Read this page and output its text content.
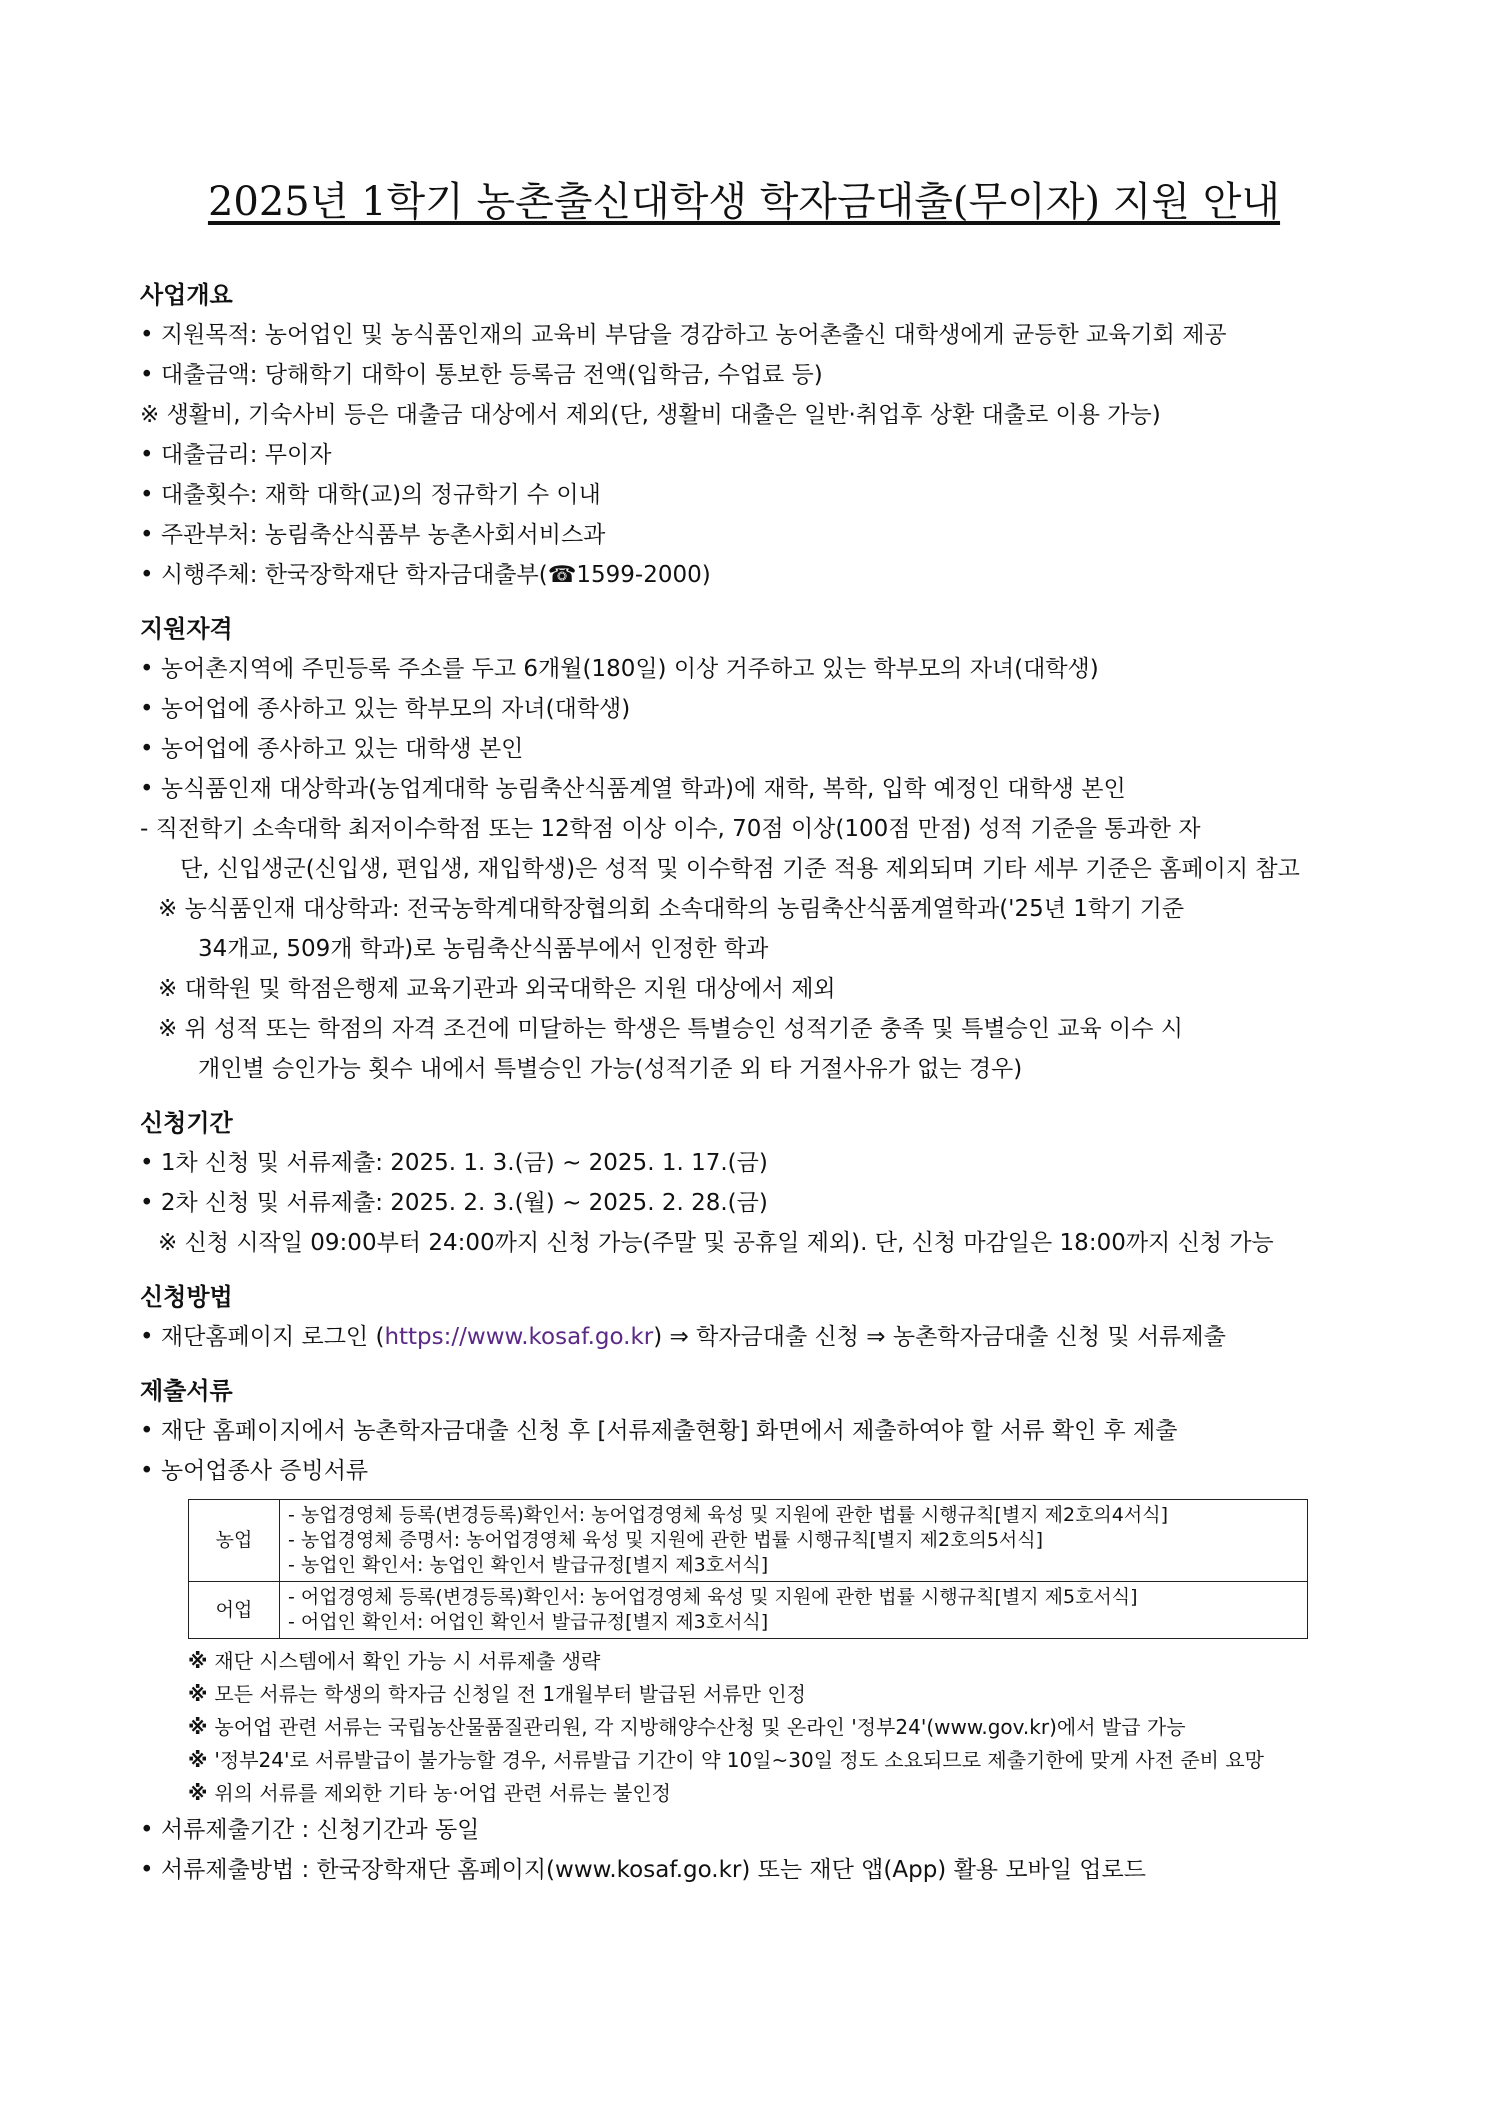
2025년 1학기 농촌출신대학생 학자금대출(무이자) 지원 안내
사업개요
• 지원목적: 농어업인 및 농식품인재의 교육비 부담을 경감하고 농어촌출신 대학생에게 균등한 교육기회 제공
• 대출금액: 당해학기 대학이 통보한 등록금 전액(입학금, 수업료 등)
※ 생활비, 기숙사비 등은 대출금 대상에서 제외(단, 생활비 대출은 일반·취업후 상환 대출로 이용 가능)
• 대출금리: 무이자
• 대출횟수: 재학 대학(교)의 정규학기 수 이내
• 주관부처: 농림축산식품부 농촌사회서비스과
• 시행주체: 한국장학재단 학자금대출부(☎1599-2000)
지원자격
• 농어촌지역에 주민등록 주소를 두고 6개월(180일) 이상 거주하고 있는 학부모의 자녀(대학생)
• 농어업에 종사하고 있는 학부모의 자녀(대학생)
• 농어업에 종사하고 있는 대학생 본인
• 농식품인재 대상학과(농업계대학 농림축산식품계열 학과)에 재학, 복학, 입학 예정인 대학생 본인
- 직전학기 소속대학 최저이수학점 또는 12학점 이상 이수, 70점 이상(100점 만점) 성적 기준을 통과한 자
단, 신입생군(신입생, 편입생, 재입학생)은 성적 및 이수학점 기준 적용 제외되며 기타 세부 기준은 홈페이지 참고
※ 농식품인재 대상학과: 전국농학계대학장협의회 소속대학의 농림축산식품계열학과('25년 1학기 기준
34개교, 509개 학과)로 농림축산식품부에서 인정한 학과
※ 대학원 및 학점은행제 교육기관과 외국대학은 지원 대상에서 제외
※ 위 성적 또는 학점의 자격 조건에 미달하는 학생은 특별승인 성적기준 충족 및 특별승인 교육 이수 시
개인별 승인가능 횟수 내에서 특별승인 가능(성적기준 외 타 거절사유가 없는 경우)
신청기간
• 1차 신청 및 서류제출: 2025. 1. 3.(금) ~ 2025. 1. 17.(금)
• 2차 신청 및 서류제출: 2025. 2. 3.(월) ~ 2025. 2. 28.(금)
※ 신청 시작일 09:00부터 24:00까지 신청 가능(주말 및 공휴일 제외). 단, 신청 마감일은 18:00까지 신청 가능
신청방법
• 재단홈페이지 로그인 (https://www.kosaf.go.kr) ⇒ 학자금대출 신청 ⇒ 농촌학자금대출 신청 및 서류제출
제출서류
• 재단 홈페이지에서 농촌학자금대출 신청 후 [서류제출현황] 화면에서 제출하여야 할 서류 확인 후 제출
• 농어업종사 증빙서류
농업	- 농업경영체 등록(변경등록)확인서: 농어업경영체 육성 및 지원에 관한 법률 시행규칙[별지 제2호의4서식]
- 농업경영체 증명서: 농어업경영체 육성 및 지원에 관한 법률 시행규칙[별지 제2호의5서식]
- 농업인 확인서: 농업인 확인서 발급규정[별지 제3호서식]

어업	- 어업경영체 등록(변경등록)확인서: 농어업경영체 육성 및 지원에 관한 법률 시행규칙[별지 제5호서식]
- 어업인 확인서: 어업인 확인서 발급규정[별지 제3호서식]
※ 재단 시스템에서 확인 가능 시 서류제출 생략
※ 모든 서류는 학생의 학자금 신청일 전 1개월부터 발급된 서류만 인정
※ 농어업 관련 서류는 국립농산물품질관리원, 각 지방해양수산청 및 온라인 '정부24'(www.gov.kr)에서 발급 가능
※ '정부24'로 서류발급이 불가능할 경우, 서류발급 기간이 약 10일~30일 정도 소요되므로 제출기한에 맞게 사전 준비 요망
※ 위의 서류를 제외한 기타 농·어업 관련 서류는 불인정
• 서류제출기간 : 신청기간과 동일
• 서류제출방법 : 한국장학재단 홈페이지(www.kosaf.go.kr) 또는 재단 앱(App) 활용 모바일 업로드
